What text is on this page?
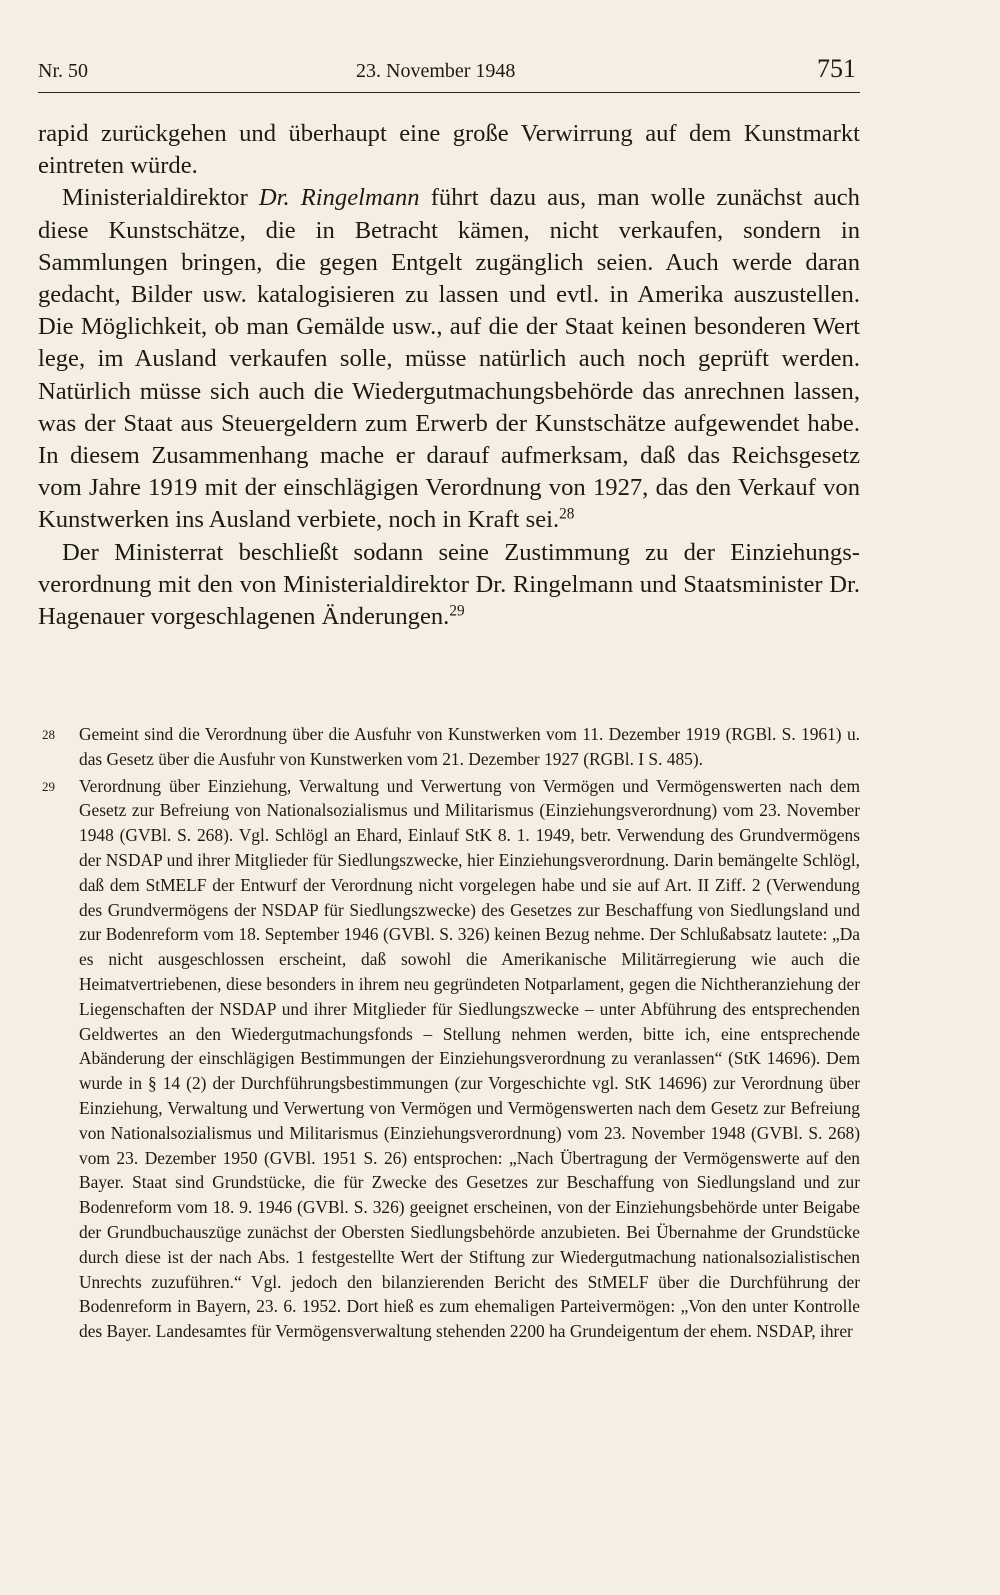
Nr. 50	23. November 1948	751

rapid zurückgehen und überhaupt eine große Verwirrung auf dem Kunstmarkt eintreten würde.

Ministerialdirektor Dr. Ringelmann führt dazu aus, man wolle zunächst auch diese Kunstschätze, die in Betracht kämen, nicht verkaufen, sondern in Sammlungen bringen, die gegen Entgelt zugänglich seien. Auch werde daran gedacht, Bilder usw. katalogisieren zu lassen und evtl. in Amerika auszustellen. Die Möglichkeit, ob man Gemälde usw., auf die der Staat keinen besonderen Wert lege, im Ausland verkaufen solle, müsse natürlich auch noch geprüft werden. Natürlich müsse sich auch die Wiedergutmachungsbehörde das anrechnen lassen, was der Staat aus Steuergeldern zum Erwerb der Kunstschätze aufgewendet habe. In diesem Zusammenhang mache er darauf aufmerksam, daß das Reichsgesetz vom Jahre 1919 mit der einschlägigen Verordnung von 1927, das den Verkauf von Kunstwerken ins Ausland verbiete, noch in Kraft sei.$^{28}$

Der Ministerrat beschließt sodann seine Zustimmung zu der Einziehungsverordnung mit den von Ministerialdirektor Dr. Ringelmann und Staatsminister Dr. Hagenauer vorgeschlagenen Änderungen.$^{29}$

28 Gemeint sind die Verordnung über die Ausfuhr von Kunstwerken vom 11. Dezember 1919 (RGBl. S. 1961) u. das Gesetz über die Ausfuhr von Kunstwerken vom 21. Dezember 1927 (RGBl. I S. 485).
29 Verordnung über Einziehung, Verwaltung und Verwertung von Vermögen und Vermögenswerten nach dem Gesetz zur Befreiung von Nationalsozialismus und Militarismus (Einziehungsverordnung) vom 23. November 1948 (GVBl. S. 268). Vgl. Schlögl an Ehard, Einlauf StK 8. 1. 1949, betr. Verwendung des Grundvermögens der NSDAP und ihrer Mitglieder für Siedlungszwecke, hier Einziehungsverordnung. Darin bemängelte Schlögl, daß dem StMELF der Entwurf der Verordnung nicht vorgelegen habe und sie auf Art. II Ziff. 2 (Verwendung des Grundvermögens der NSDAP für Siedlungszwecke) des Gesetzes zur Beschaffung von Siedlungsland und zur Bodenreform vom 18. September 1946 (GVBl. S. 326) keinen Bezug nehme. Der Schlußabsatz lautete: „Da es nicht ausgeschlossen erscheint, daß sowohl die Amerikanische Militärregierung wie auch die Heimatvertriebenen, diese besonders in ihrem neu gegründeten Notparlament, gegen die Nichtheranziehung der Liegenschaften der NSDAP und ihrer Mitglieder für Siedlungszwecke – unter Abführung des entsprechenden Geldwertes an den Wiedergutmachungsfonds – Stellung nehmen werden, bitte ich, eine entsprechende Abänderung der einschlägigen Bestimmungen der Einziehungsverordnung zu veranlassen“ (StK 14696). Dem wurde in § 14 (2) der Durchführungsbestimmungen (zur Vorgeschichte vgl. StK 14696) zur Verordnung über Einziehung, Verwaltung und Verwertung von Vermögen und Vermögenswerten nach dem Gesetz zur Befreiung von Nationalsozialismus und Militarismus (Einziehungsverordnung) vom 23. November 1948 (GVBl. S. 268) vom 23. Dezember 1950 (GVBl. 1951 S. 26) entsprochen: „Nach Übertragung der Vermögenswerte auf den Bayer. Staat sind Grundstücke, die für Zwecke des Gesetzes zur Beschaffung von Siedlungsland und zur Bodenreform vom 18. 9. 1946 (GVBl. S. 326) geeignet erscheinen, von der Einziehungsbehörde unter Beigabe der Grundbuchauszüge zunächst der Obersten Siedlungsbehörde anzubieten. Bei Übernahme der Grundstücke durch diese ist der nach Abs. 1 festgestellte Wert der Stiftung zur Wiedergutmachung nationalsozialistischen Unrechts zuzuführen.“ Vgl. jedoch den bilanzierenden Bericht des StMELF über die Durchführung der Bodenreform in Bayern, 23. 6. 1952. Dort hieß es zum ehemaligen Parteivermögen: „Von den unter Kontrolle des Bayer. Landesamtes für Vermögensverwaltung stehenden 2200 ha Grundeigentum der ehem. NSDAP, ihrer
